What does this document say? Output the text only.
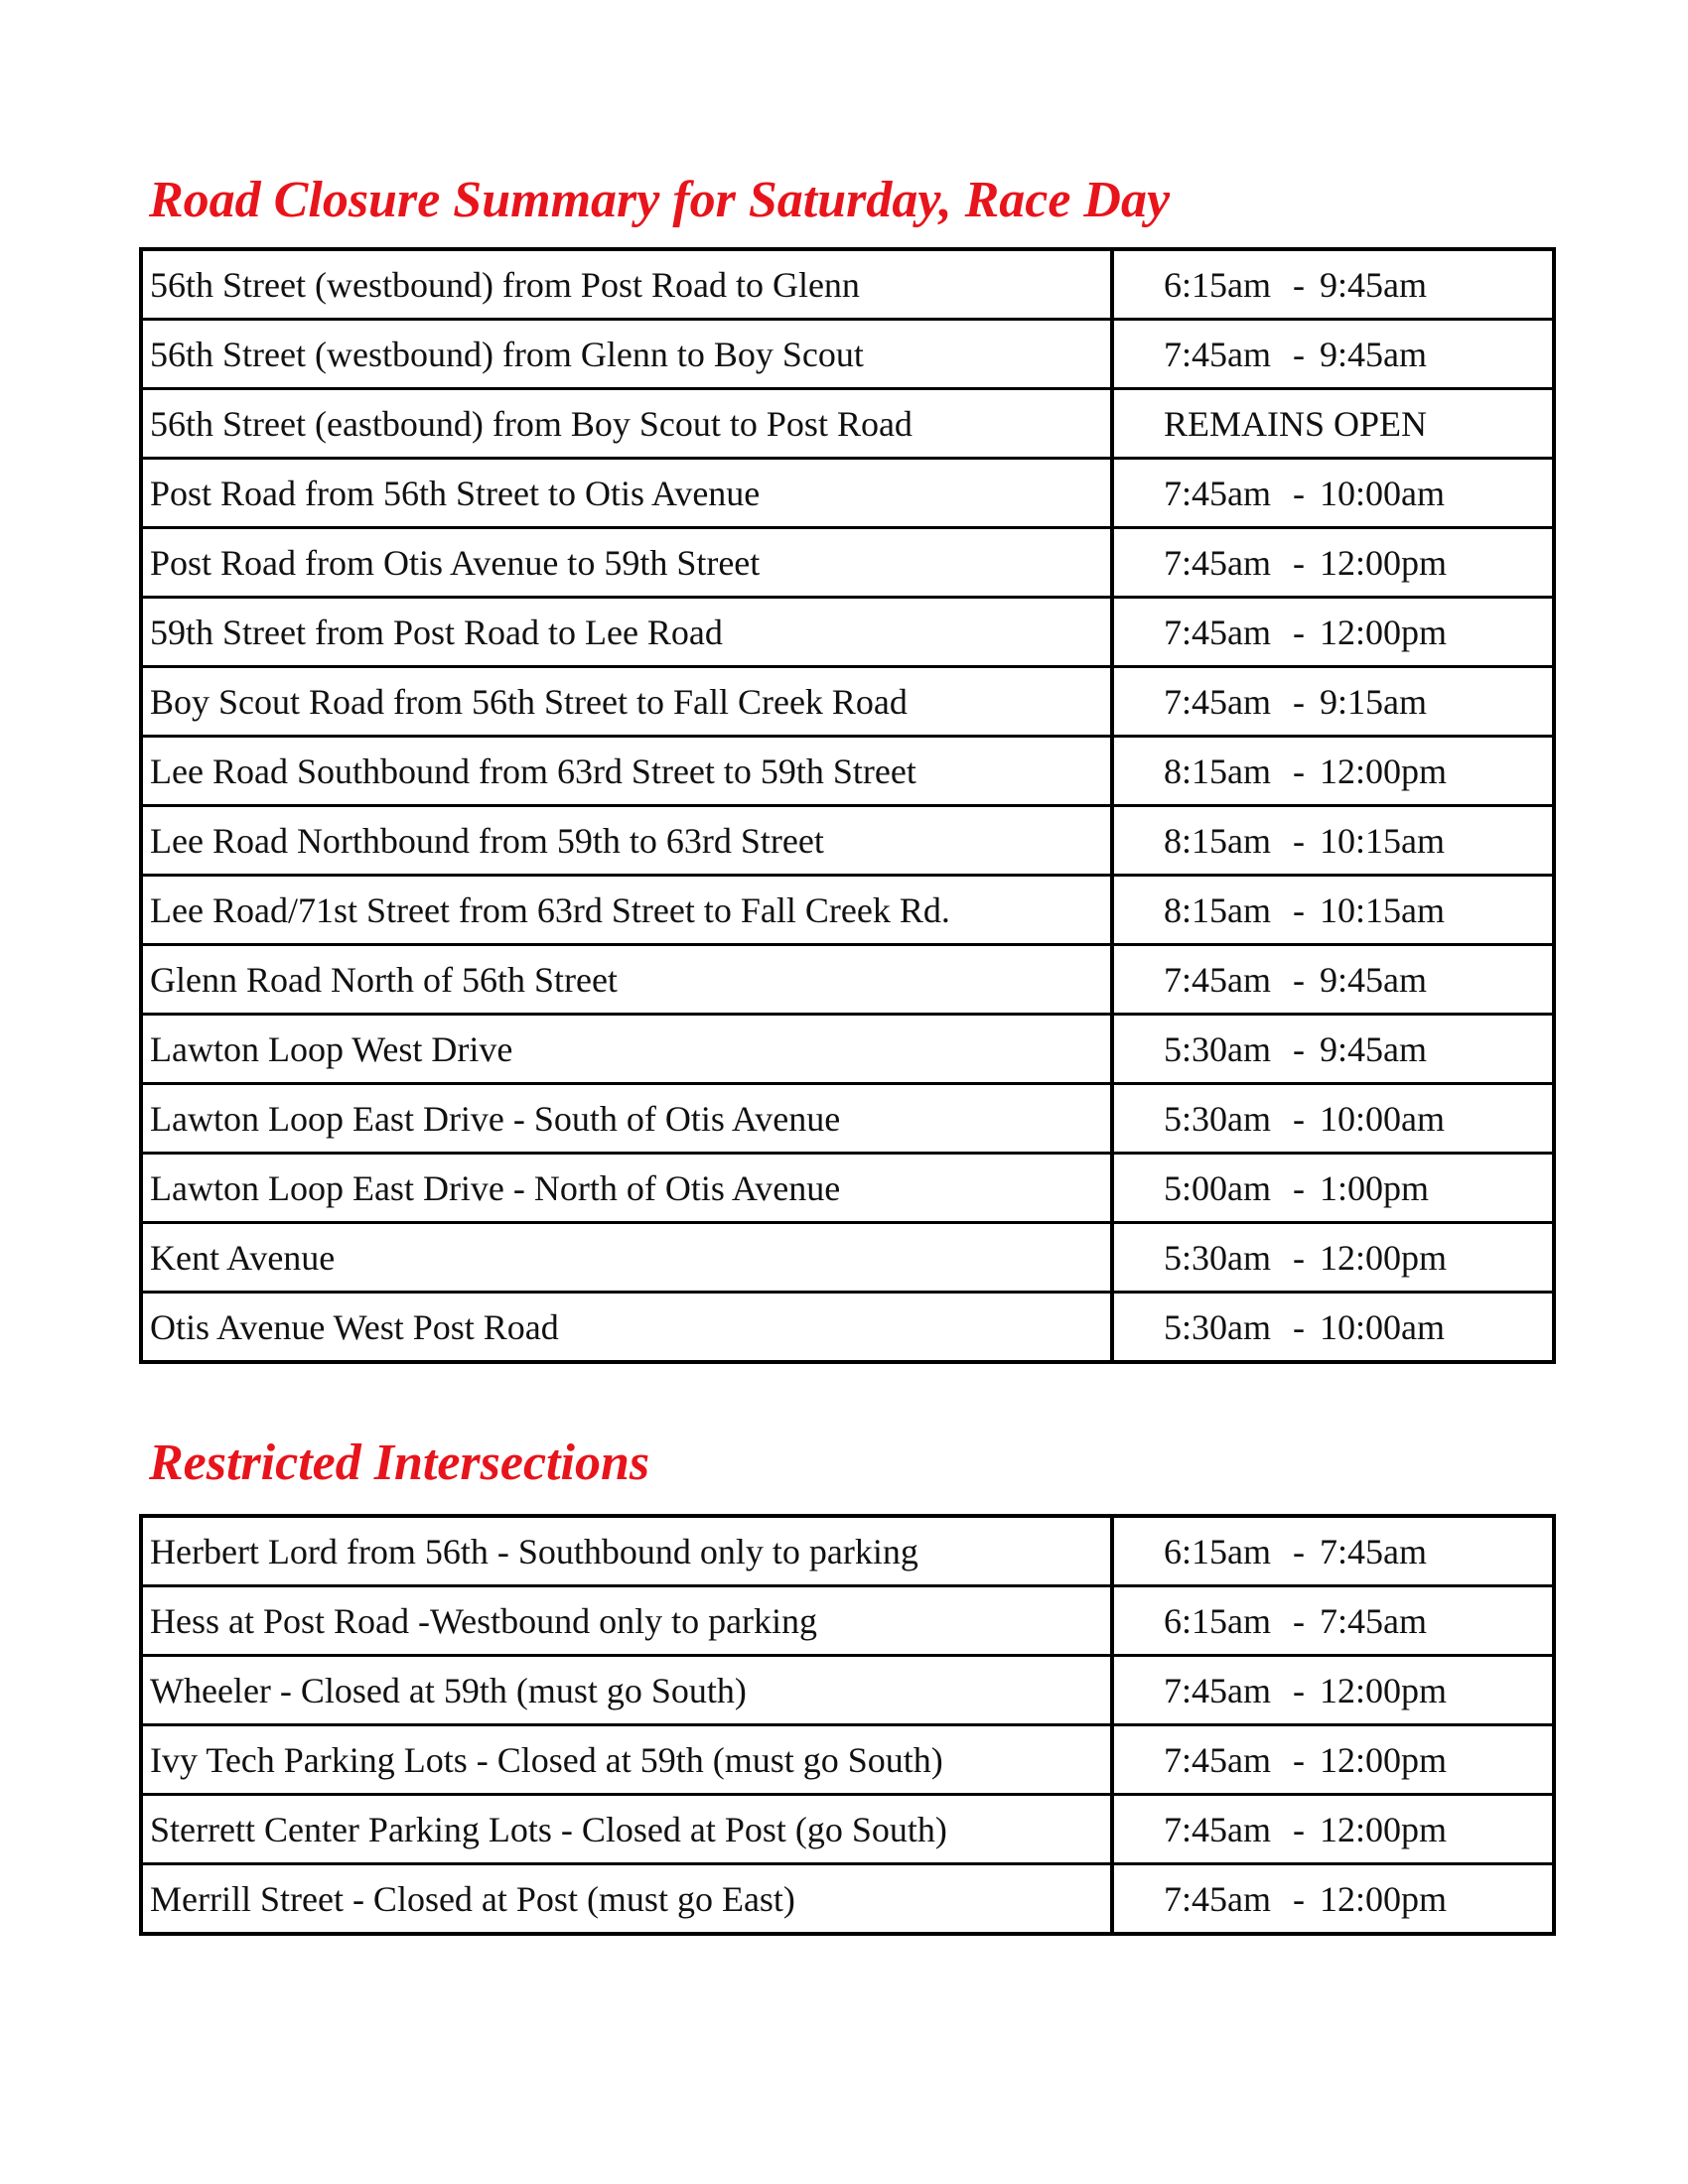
Road Closure Summary for Saturday, Race Day
56th Street (westbound) from Post Road to Glenn	6:15am - 9:45am
56th Street (westbound) from Glenn to Boy Scout	7:45am - 9:45am
56th Street (eastbound) from Boy Scout to Post Road	REMAINS OPEN
Post Road from 56th Street to Otis Avenue	7:45am - 10:00am
Post Road from Otis Avenue to 59th Street	7:45am - 12:00pm
59th Street from Post Road to Lee Road	7:45am - 12:00pm
Boy Scout Road from 56th Street to Fall Creek Road	7:45am - 9:15am
Lee Road Southbound from 63rd Street to 59th Street	8:15am - 12:00pm
Lee Road Northbound from 59th to 63rd Street	8:15am - 10:15am
Lee Road/71st Street from 63rd Street to Fall Creek Rd.	8:15am - 10:15am
Glenn Road North of 56th Street	7:45am - 9:45am
Lawton Loop West Drive	5:30am - 9:45am
Lawton Loop East Drive - South of Otis Avenue	5:30am - 10:00am
Lawton Loop East Drive - North of Otis Avenue	5:00am - 1:00pm
Kent Avenue	5:30am - 12:00pm
Otis Avenue West Post Road	5:30am - 10:00am
Restricted Intersections
Herbert Lord from 56th - Southbound only to parking	6:15am - 7:45am
Hess at Post Road -Westbound only to parking	6:15am - 7:45am
Wheeler - Closed at 59th (must go South)	7:45am - 12:00pm
Ivy Tech Parking Lots - Closed at 59th (must go South)	7:45am - 12:00pm
Sterrett Center Parking Lots - Closed at Post (go South)	7:45am - 12:00pm
Merrill Street - Closed at Post (must go East)	7:45am - 12:00pm
